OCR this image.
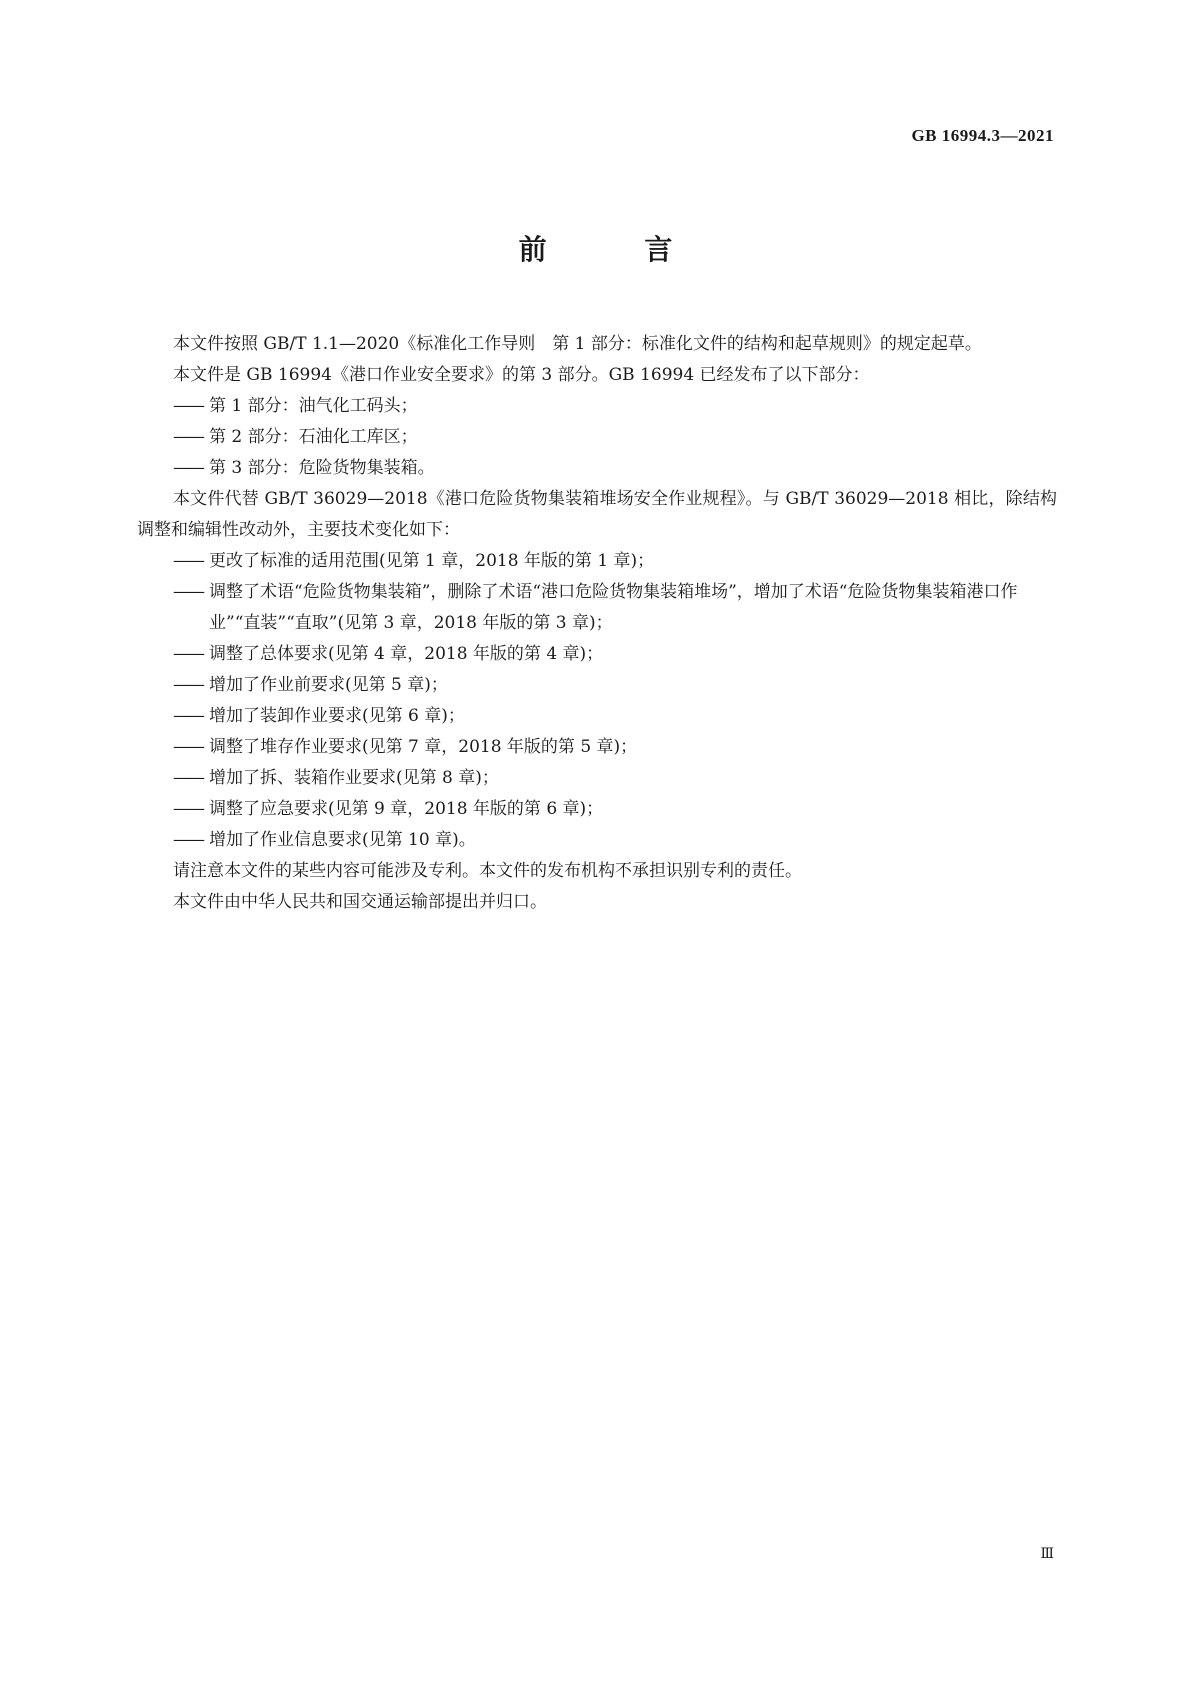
GB 16994.3—2021
前 言

本文件按照 GB/T 1.1—2020《标准化工作导则　第 1 部分：标准化文件的结构和起草规则》的规定起草。

本文件是 GB 16994《港口作业安全要求》的第 3 部分。GB 16994 已经发布了以下部分：

—— 第 1 部分：油气化工码头；

—— 第 2 部分：石油化工库区；

—— 第 3 部分：危险货物集装箱。

本文件代替 GB/T 36029—2018《港口危险货物集装箱堆场安全作业规程》。与 GB/T 36029—2018 相比，除结构调整和编辑性改动外，主要技术变化如下：

—— 更改了标准的适用范围(见第 1 章，2018 年版的第 1 章)；

—— 调整了术语“危险货物集装箱”，删除了术语“港口危险货物集装箱堆场”，增加了术语“危险货物集装箱港口作业”“直装”“直取”(见第 3 章，2018 年版的第 3 章)；

—— 调整了总体要求(见第 4 章，2018 年版的第 4 章)；

—— 增加了作业前要求(见第 5 章)；

—— 增加了装卸作业要求(见第 6 章)；

—— 调整了堆存作业要求(见第 7 章，2018 年版的第 5 章)；

—— 增加了拆、装箱作业要求(见第 8 章)；

—— 调整了应急要求(见第 9 章，2018 年版的第 6 章)；

—— 增加了作业信息要求(见第 10 章)。

请注意本文件的某些内容可能涉及专利。本文件的发布机构不承担识别专利的责任。

本文件由中华人民共和国交通运输部提出并归口。

Ⅲ
